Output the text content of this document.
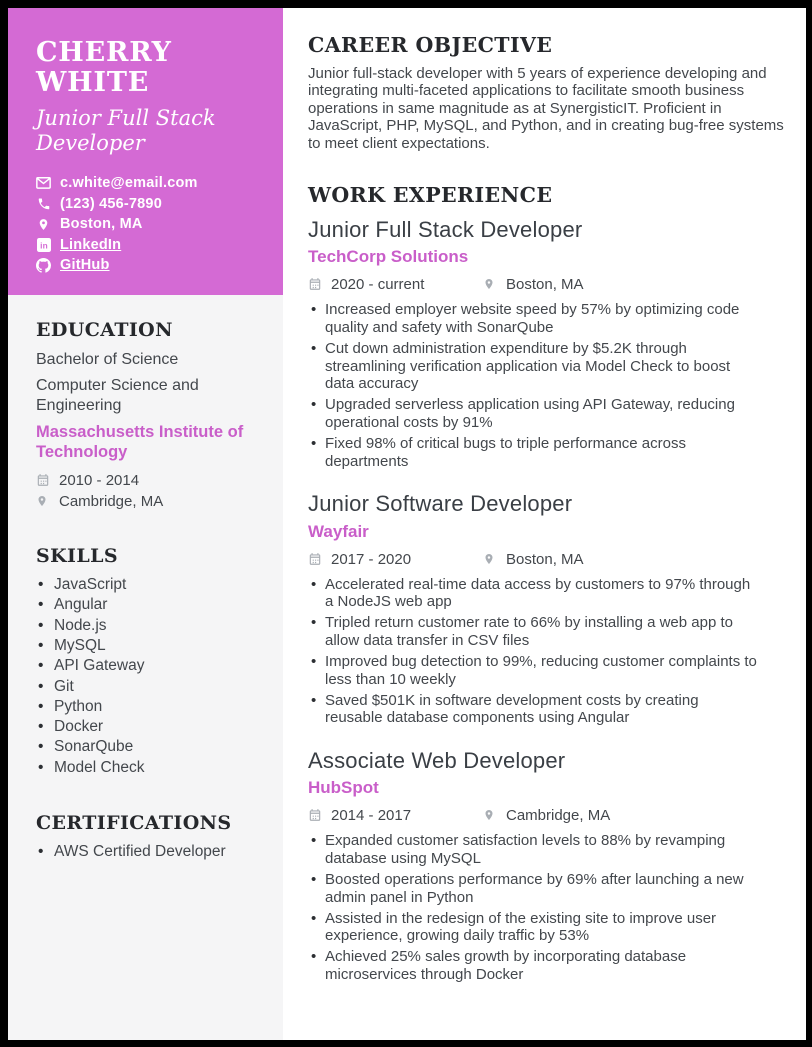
CHERRY WHITE
Junior Full Stack Developer
c.white@email.com
(123) 456-7890
Boston, MA
in LinkedIn
GitHub
EDUCATION
Bachelor of Science
Computer Science and Engineering
Massachusetts Institute of Technology
2010 - 2014
Cambridge, MA
SKILLS
• JavaScript
• Angular
• Node.js
• MySQL
• API Gateway
• Git
• Python
• Docker
• SonarQube
• Model Check
CERTIFICATIONS
• AWS Certified Developer
CAREER OBJECTIVE

Junior full-stack developer with 5 years of experience developing and integrating multi-faceted applications to facilitate smooth business operations in same magnitude as at SynergisticIT. Proficient in JavaScript, PHP, MySQL, and Python, and in creating bug-free systems to meet client expectations.

WORK EXPERIENCE
Junior Full Stack Developer
TechCorp Solutions
2020 - current	Boston, MA
• Increased employer website speed by 57% by optimizing code quality and safety with SonarQube
• Cut down administration expenditure by $5.2K through streamlining verification application via Model Check to boost data accuracy
• Upgraded serverless application using API Gateway, reducing operational costs by 91%
• Fixed 98% of critical bugs to triple performance across departments
Junior Software Developer
Wayfair
2017 - 2020	Boston, MA
• Accelerated real-time data access by customers to 97% through a NodeJS web app
• Tripled return customer rate to 66% by installing a web app to allow data transfer in CSV files
• Improved bug detection to 99%, reducing customer complaints to less than 10 weekly
• Saved $501K in software development costs by creating reusable database components using Angular
Associate Web Developer
HubSpot
2014 - 2017	Cambridge, MA
• Expanded customer satisfaction levels to 88% by revamping database using MySQL
• Boosted operations performance by 69% after launching a new admin panel in Python
• Assisted in the redesign of the existing site to improve user experience, growing daily traffic by 53%
• Achieved 25% sales growth by incorporating database microservices through Docker
